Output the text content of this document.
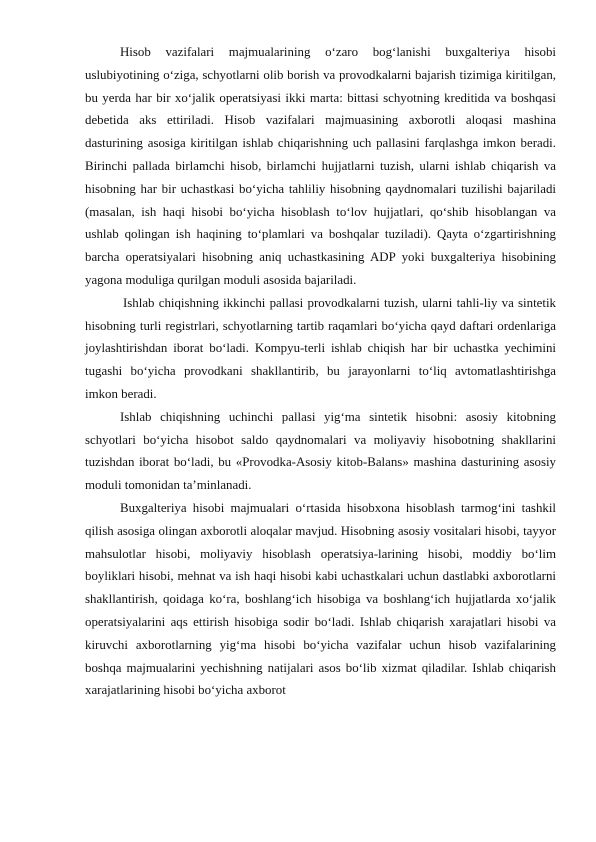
Hisob vazifalari majmualarining o‘zaro bog‘lanishi buxgalteriya hisobi uslubiyotining o‘ziga, schyotlarni olib borish va provodkalarni bajarish tizimiga kiritilgan, bu yerda har bir xo‘jalik operatsiyasi ikki marta: bittasi schyotning kreditida va boshqasi debetida aks ettiriladi. Hisob vazifalari majmuasining axborotli aloqasi mashina dasturining asosiga kiritilgan ishlab chiqarishning uch pallasini farqlashga imkon beradi. Birinchi pallada birlamchi hisob, birlamchi hujjatlarni tuzish, ularni ishlab chiqarish va hisobning har bir uchastkasi bo‘yicha tahliliy hisobning qaydnomalari tuzilishi bajariladi (masalan, ish haqi hisobi bo‘yicha hisoblash to‘lov hujjatlari, qo‘shib hisoblangan va ushlab qolingan ish haqining to‘plamlari va boshqalar tuziladi). Qayta o‘zgartirishning barcha operatsiyalari hisobning aniq uchastkasining ADP yoki buxgalteriya hisobining yagona moduliga qurilgan moduli asosida bajariladi.

Ishlab chiqishning ikkinchi pallasi provodkalarni tuzish, ularni tahli-liy va sintetik hisobning turli registrlari, schyotlarning tartib raqamlari bo‘yicha qayd daftari ordenlariga joylashtirishdan iborat bo‘ladi. Kompyu-terli ishlab chiqish har bir uchastka yechimini tugashi bo‘yicha provodkani shakllantirib, bu jarayonlarni to‘liq avtomatlashtirishga imkon beradi.

Ishlab chiqishning uchinchi pallasi yig‘ma sintetik hisobni: asosiy kitobning schyotlari bo‘yicha hisobot saldo qaydnomalari va moliyaviy hisobotning shakllarini tuzishdan iborat bo‘ladi, bu «Provodka-Asosiy kitob-Balans» mashina dasturining asosiy moduli tomonidan ta’minlanadi.

Buxgalteriya hisobi majmualari o‘rtasida hisobxona hisoblash tarmog‘ini tashkil qilish asosiga olingan axborotli aloqalar mavjud. Hisobning asosiy vositalari hisobi, tayyor mahsulotlar hisobi, moliyaviy hisoblash operatsiya-larining hisobi, moddiy bo‘lim boyliklari hisobi, mehnat va ish haqi hisobi kabi uchastkalari uchun dastlabki axborotlarni shakllantirish, qoidaga ko‘ra, boshlang‘ich hisobiga va boshlang‘ich hujjatlarda xo‘jalik operatsiyalarini aqs ettirish hisobiga sodir bo‘ladi. Ishlab chiqarish xarajatlari hisobi va kiruvchi axborotlarning yig‘ma hisobi bo‘yicha vazifalar uchun hisob vazifalarining boshqa majmualarini yechishning natijalari asos bo‘lib xizmat qiladilar. Ishlab chiqarish xarajatlarining hisobi bo‘yicha axborot
